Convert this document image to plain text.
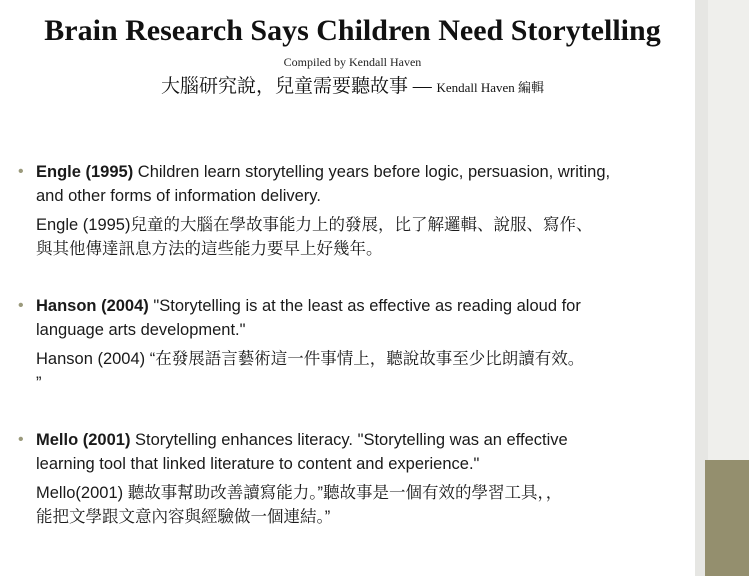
Brain Research Says Children Need Storytelling
Compiled by Kendall Haven
大腦研究說，兒童需要聽故事 — Kendall Haven 編輯
• Engle (1995) Children learn storytelling years before logic, persuasion, writing,
and other forms of information delivery.
Engle (1995)兒童的大腦在學故事能力上的發展，比了解邏輯、說服、寫作、
與其他傳達訊息方法的這些能力要早上好幾年。
• Hanson (2004) "Storytelling is at the least as effective as reading aloud for
language arts development."
Hanson (2004) “在發展語言藝術這一件事情上，聽說故事至少比朗讀有效。
”
• Mello (2001) Storytelling enhances literacy. "Storytelling was an effective
learning tool that linked literature to content and experience."
Mello(2001) 聽故事幫助改善讀寫能力。”聽故事是一個有效的學習工具，，
能把文學跟文意內容與經驗做一個連結。”
